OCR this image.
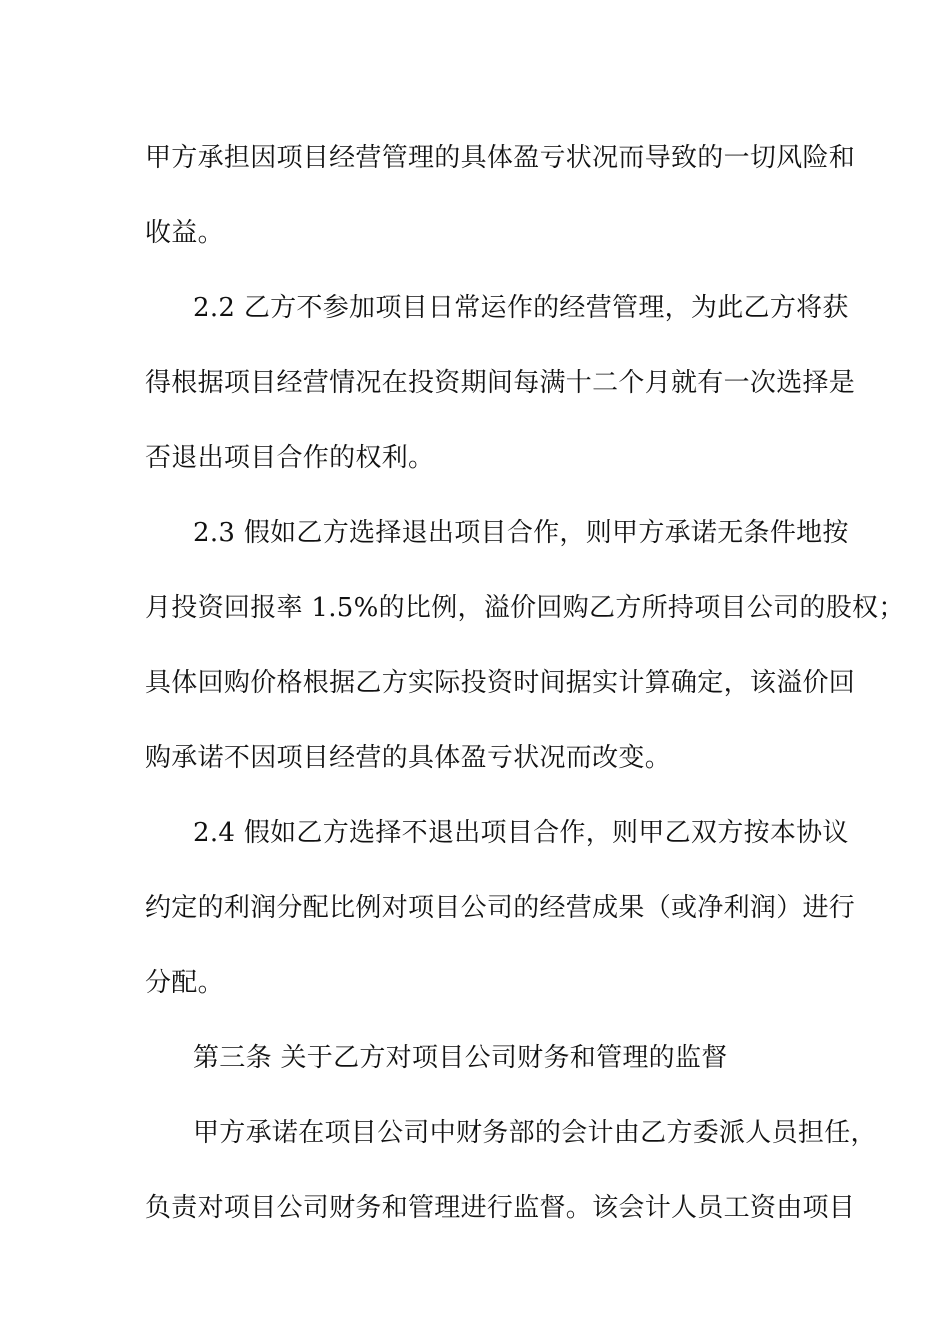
甲方承担因项目经营管理的具体盈亏状况而导致的一切风险和
收益。
2.2 乙方不参加项目日常运作的经营管理，为此乙方将获
得根据项目经营情况在投资期间每满十二个月就有一次选择是
否退出项目合作的权利。
2.3 假如乙方选择退出项目合作，则甲方承诺无条件地按
月投资回报率 1.5%的比例，溢价回购乙方所持项目公司的股权；
具体回购价格根据乙方实际投资时间据实计算确定，该溢价回
购承诺不因项目经营的具体盈亏状况而改变。
2.4 假如乙方选择不退出项目合作，则甲乙双方按本协议
约定的利润分配比例对项目公司的经营成果（或净利润）进行
分配。
第三条 关于乙方对项目公司财务和管理的监督
甲方承诺在项目公司中财务部的会计由乙方委派人员担任，
负责对项目公司财务和管理进行监督。该会计人员工资由项目
